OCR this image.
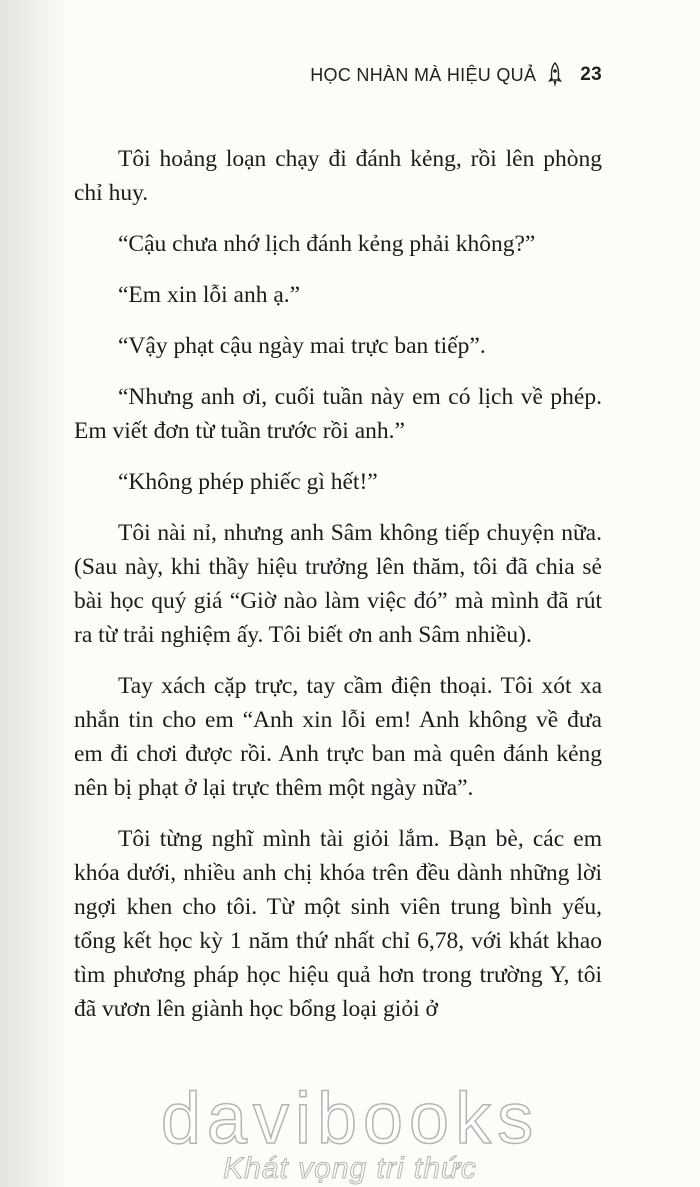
HỌC NHÀN MÀ HIỆU QUẢ 23

Tôi hoảng loạn chạy đi đánh kẻng, rồi lên phòng chỉ huy.

“Cậu chưa nhớ lịch đánh kẻng phải không?”

“Em xin lỗi anh ạ.”

“Vậy phạt cậu ngày mai trực ban tiếp”.

“Nhưng anh ơi, cuối tuần này em có lịch về phép. Em viết đơn từ tuần trước rồi anh.”

“Không phép phiếc gì hết!”

Tôi nài nỉ, nhưng anh Sâm không tiếp chuyện nữa. (Sau này, khi thầy hiệu trưởng lên thăm, tôi đã chia sẻ bài học quý giá “Giờ nào làm việc đó” mà mình đã rút ra từ trải nghiệm ấy. Tôi biết ơn anh Sâm nhiều).

Tay xách cặp trực, tay cầm điện thoại. Tôi xót xa nhắn tin cho em “Anh xin lỗi em! Anh không về đưa em đi chơi được rồi. Anh trực ban mà quên đánh kẻng nên bị phạt ở lại trực thêm một ngày nữa”.

Tôi từng nghĩ mình tài giỏi lắm. Bạn bè, các em khóa dưới, nhiều anh chị khóa trên đều dành những lời ngợi khen cho tôi. Từ một sinh viên trung bình yếu, tổng kết học kỳ 1 năm thứ nhất chỉ 6,78, với khát khao tìm phương pháp học hiệu quả hơn trong trường Y, tôi đã vươn lên giành học bổng loại giỏi ở

davibooks
Khát vọng tri thức
